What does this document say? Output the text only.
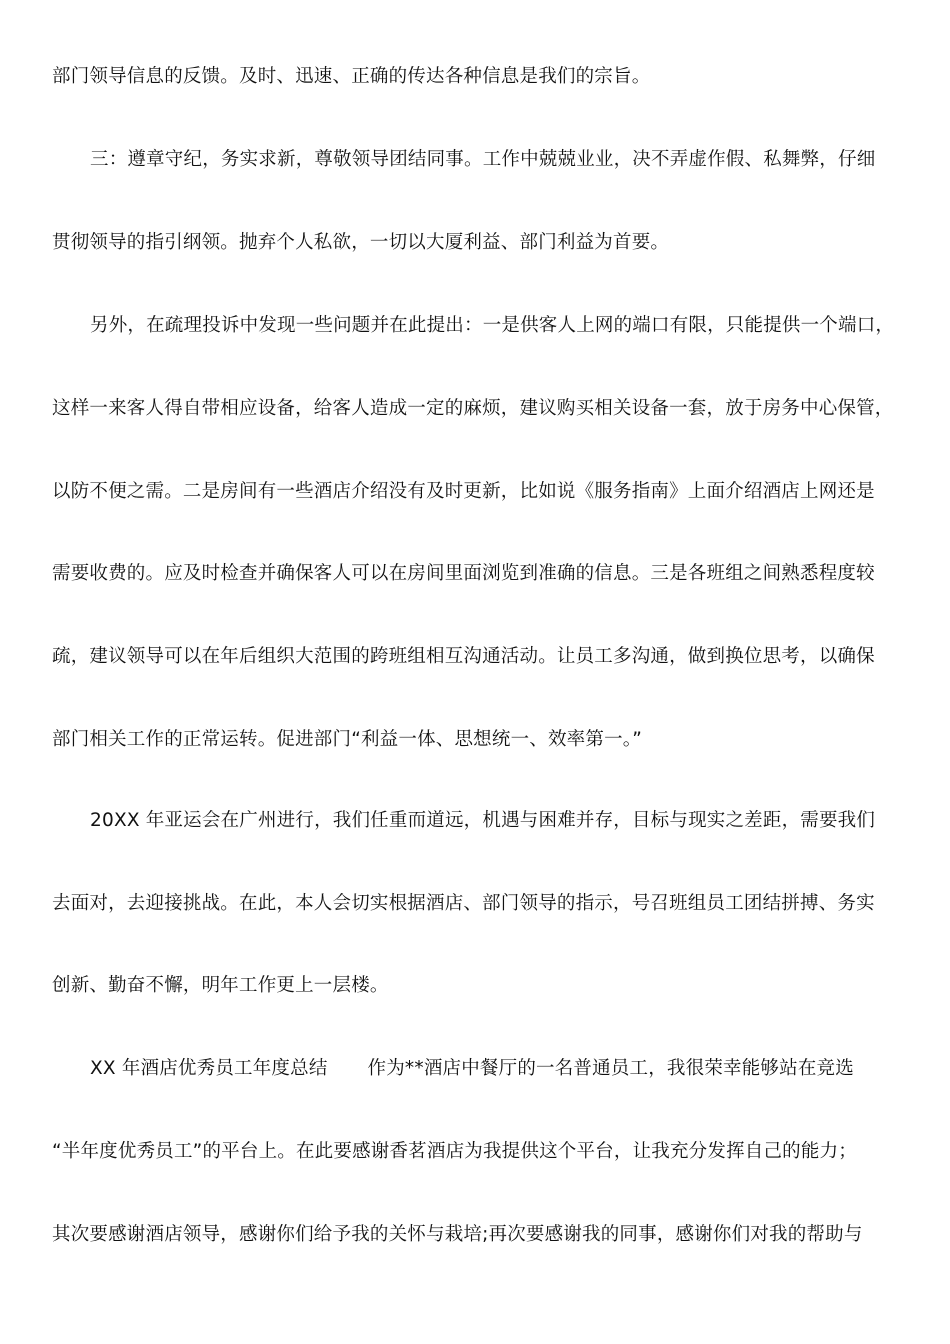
部门领导信息的反馈。及时、迅速、正确的传达各种信息是我们的宗旨。
三：遵章守纪，务实求新，尊敬领导团结同事。工作中兢兢业业，决不弄虚作假、私舞弊，仔细
贯彻领导的指引纲领。抛弃个人私欲，一切以大厦利益、部门利益为首要。
另外，在疏理投诉中发现一些问题并在此提出：一是供客人上网的端口有限，只能提供一个端口，
这样一来客人得自带相应设备，给客人造成一定的麻烦，建议购买相关设备一套，放于房务中心保管，
以防不便之需。二是房间有一些酒店介绍没有及时更新，比如说《服务指南》上面介绍酒店上网还是
需要收费的。应及时检查并确保客人可以在房间里面浏览到准确的信息。三是各班组之间熟悉程度较
疏，建议领导可以在年后组织大范围的跨班组相互沟通活动。让员工多沟通，做到换位思考，以确保
部门相关工作的正常运转。促进部门“利益一体、思想统一、效率第一。”
20XX 年亚运会在广州进行，我们任重而道远，机遇与困难并存，目标与现实之差距，需要我们
去面对，去迎接挑战。在此，本人会切实根据酒店、部门领导的指示，号召班组员工团结拼搏、务实
创新、勤奋不懈，明年工作更上一层楼。
XX 年酒店优秀员工年度总结 作为**酒店中餐厅的一名普通员工，我很荣幸能够站在竞选
“半年度优秀员工”的平台上。在此要感谢香茗酒店为我提供这个平台，让我充分发挥自己的能力；
其次要感谢酒店领导，感谢你们给予我的关怀与栽培;再次要感谢我的同事，感谢你们对我的帮助与
